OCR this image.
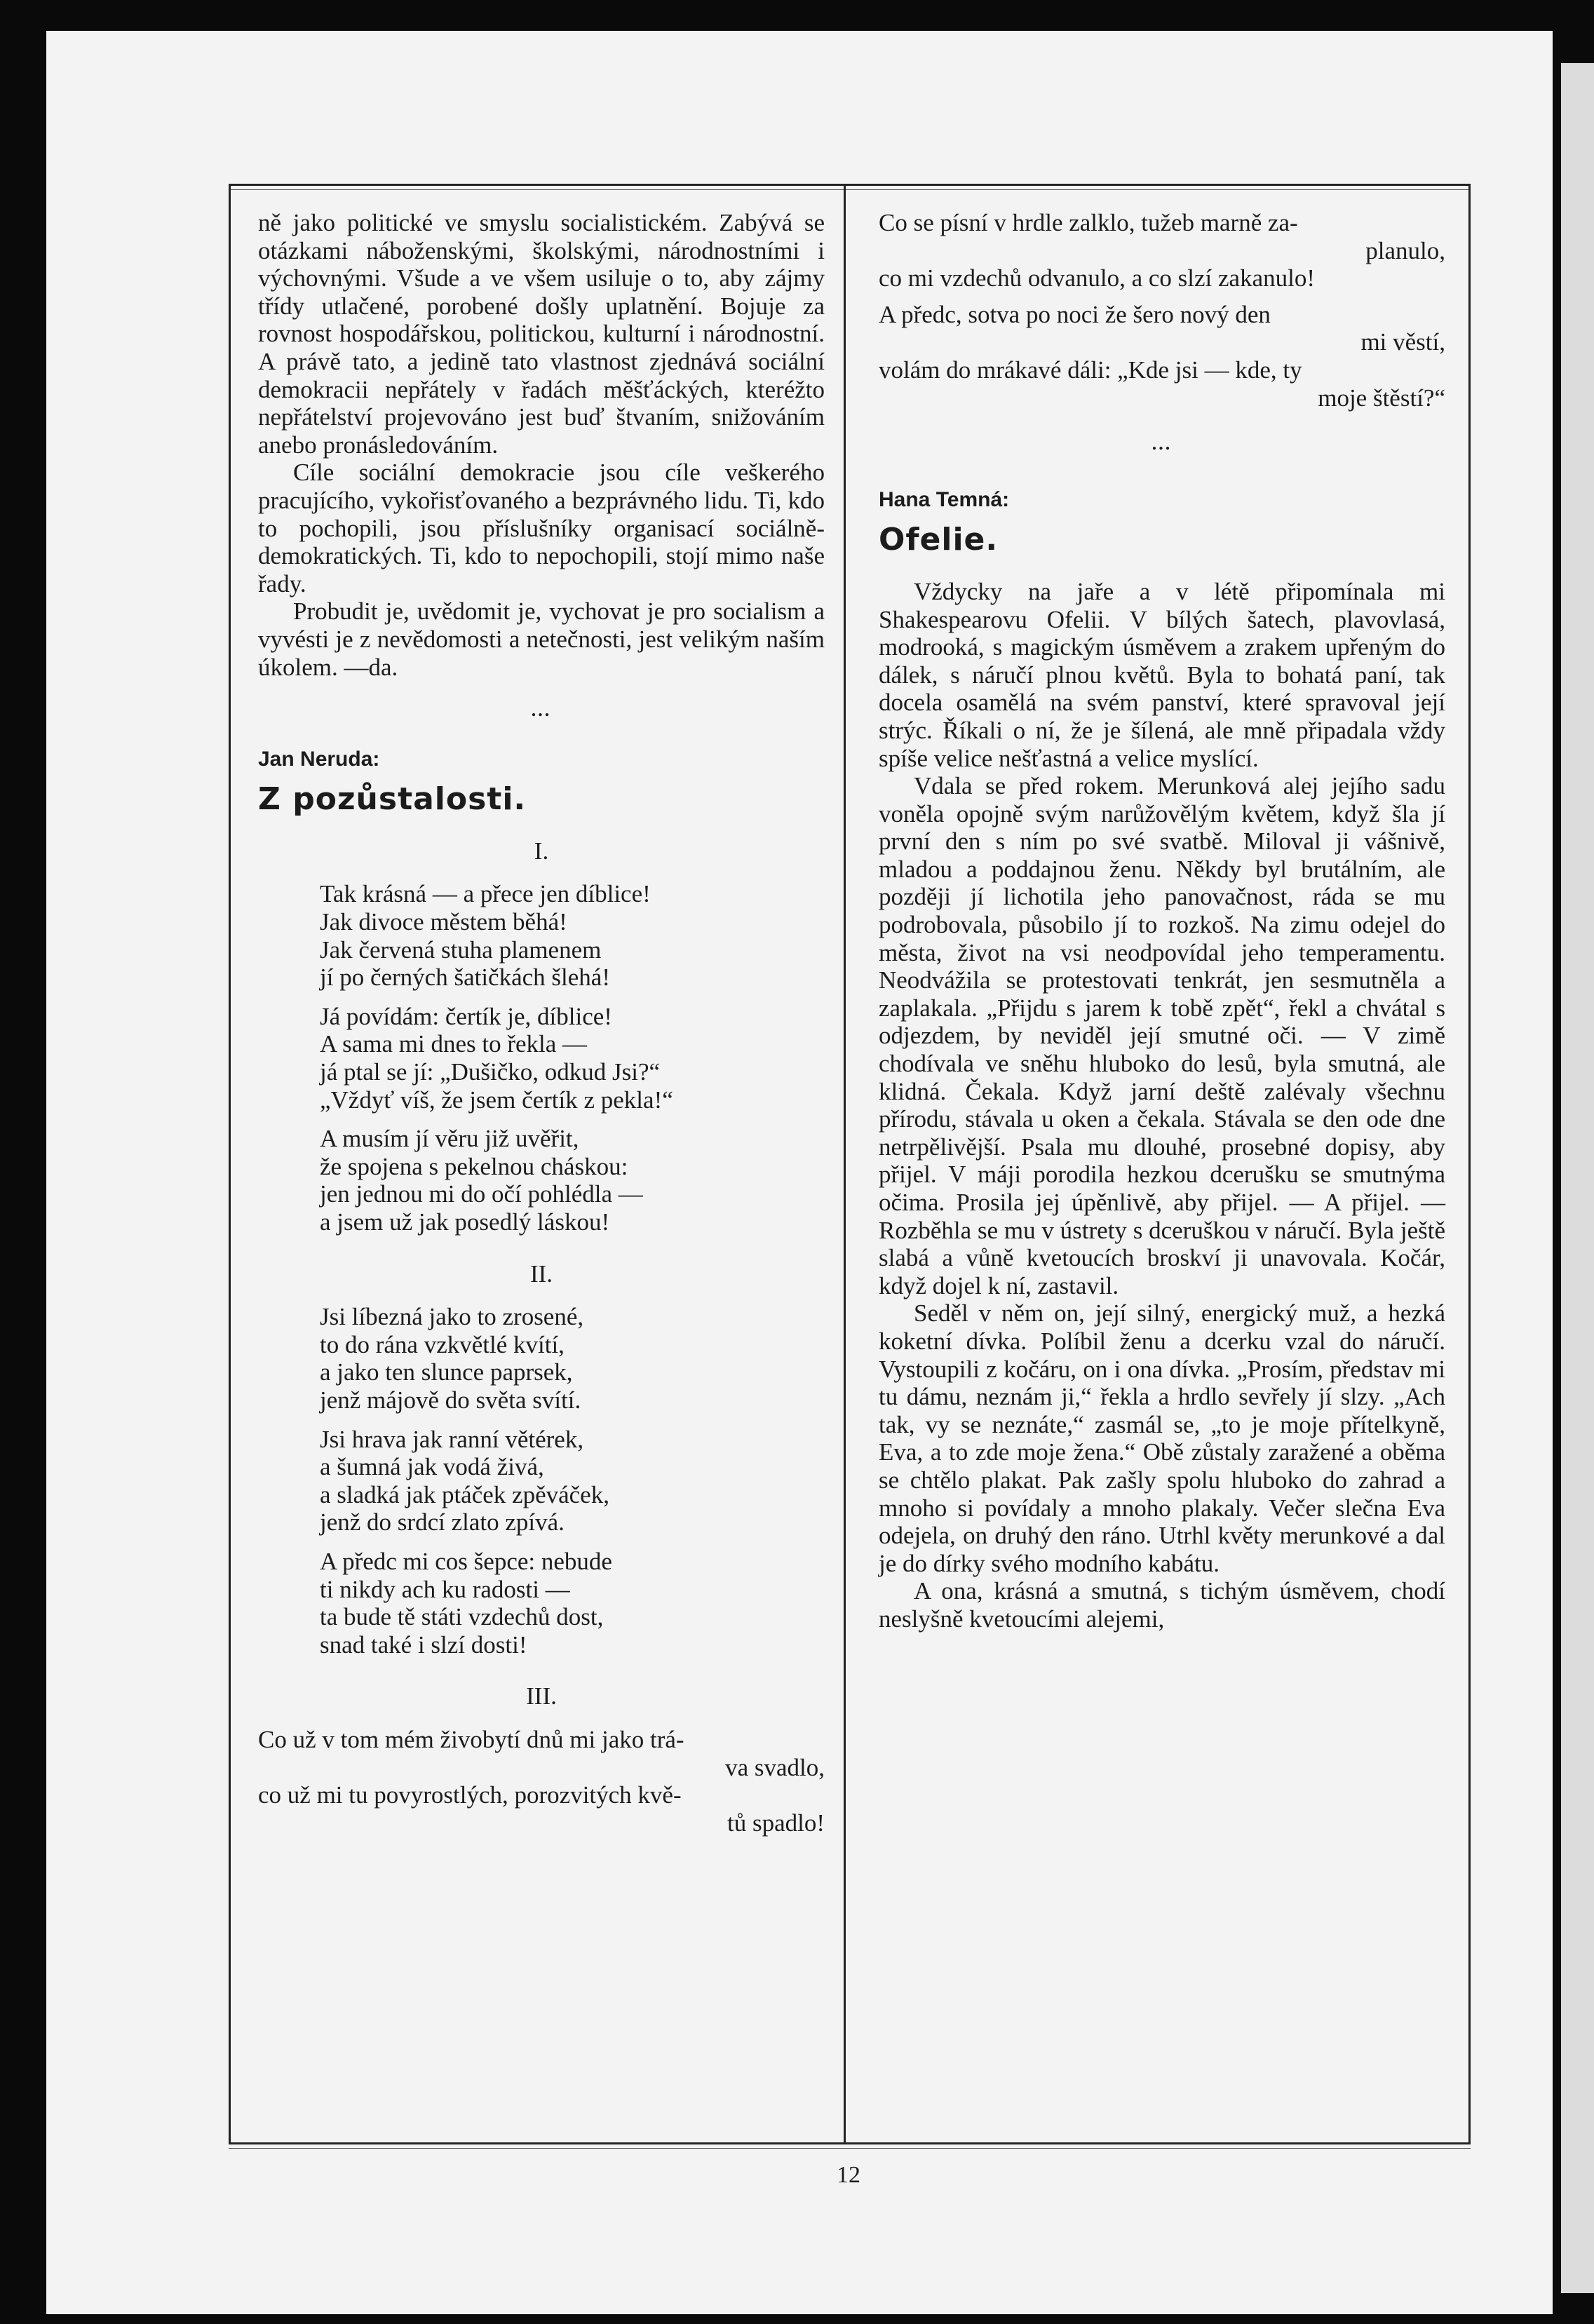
ně jako politické ve smyslu socialistickém. Zabývá se otázkami náboženskými, školskými, národnostními i výchovnými. Všude a ve všem usiluje o to, aby zájmy třídy utlačené, porobené došly uplatnění. Bojuje za rovnost hospodářskou, politickou, kulturní i národnostní. A právě tato, a jedině tato vlastnost zjednává sociální demokracii nepřátely v řadách měšťáckých, kteréžto nepřátelství projevováno jest buď štvaním, snižováním anebo pronásledováním.

Cíle sociální demokracie jsou cíle veškerého pracujícího, vykořisťovaného a bezprávného lidu. Ti, kdo to pochopili, jsou příslušníky organisací sociálně-demokratických. Ti, kdo to nepochopili, stojí mimo naše řady.

Probudit je, uvědomit je, vychovat je pro socialism a vyvésti je z nevědomosti a netečnosti, jest velikým naším úkolem. —da.

...
Jan Neruda:
Z pozůstalosti.
I.
Tak krásná — a přece jen díblice!
Jak divoce městem běhá!
Jak červená stuha plamenem
jí po černých šatičkách šlehá!
Já povídám: čertík je, díblice!
A sama mi dnes to řekla —
já ptal se jí: „Dušičko, odkud Jsi?“
„Vždyť víš, že jsem čertík z pekla!“
A musím jí věru již uvěřit,
že spojena s pekelnou cháskou:
jen jednou mi do očí pohlédla —
a jsem už jak posedlý láskou!
II.
Jsi líbezná jako to zrosené,
to do rána vzkvětlé kvítí,
a jako ten slunce paprsek,
jenž májově do světa svítí.
Jsi hrava jak ranní větérek,
a šumná jak vodá živá,
a sladká jak ptáček zpěváček,
jenž do srdcí zlato zpívá.
A předc mi cos šepce: nebude
ti nikdy ach ku radosti —
ta bude tě státi vzdechů dost,
snad také i slzí dosti!
III.
Co už v tom mém živobytí dnů mi jako trá-
va svadlo,
co už mi tu povyrostlých, porozvitých kvě-
tů spadlo!
Co se písní v hrdle zalklo, tužeb marně za-
planulo,
co mi vzdechů odvanulo, a co slzí zakanulo!
A předc, sotva po noci že šero nový den
mi věstí,
volám do mrákavé dáli: „Kde jsi — kde, ty
moje štěstí?“
...
Hana Temná:
Ofelie.

Vždycky na jaře a v létě připomínala mi Shakespearovu Ofelii. V bílých šatech, plavovlasá, modrooká, s magickým úsměvem a zrakem upřeným do dálek, s náručí plnou květů. Byla to bohatá paní, tak docela osamělá na svém panství, které spravoval její strýc. Říkali o ní, že je šílená, ale mně připadala vždy spíše velice nešťastná a velice myslící.

Vdala se před rokem. Merunková alej jejího sadu voněla opojně svým narůžovělým květem, když šla jí první den s ním po své svatbě. Miloval ji vášnivě, mladou a poddajnou ženu. Někdy byl brutálním, ale později jí lichotila jeho panovačnost, ráda se mu podrobovala, působilo jí to rozkoš. Na zimu odejel do města, život na vsi neodpovídal jeho temperamentu. Neodvážila se protestovati tenkrát, jen sesmutněla a zaplakala. „Přijdu s jarem k tobě zpět“, řekl a chvátal s odjezdem, by neviděl její smutné oči. — V zimě chodívala ve sněhu hluboko do lesů, byla smutná, ale klidná. Čekala. Když jarní deště zalévaly všechnu přírodu, stávala u oken a čekala. Stávala se den ode dne netrpělivější. Psala mu dlouhé, prosebné dopisy, aby přijel. V máji porodila hezkou dcerušku se smutnýma očima. Prosila jej úpěnlivě, aby přijel. — A přijel. — Rozběhla se mu v ústrety s dceruškou v náručí. Byla ještě slabá a vůně kvetoucích broskví ji unavovala. Kočár, když dojel k ní, zastavil.

Seděl v něm on, její silný, energický muž, a hezká koketní dívka. Políbil ženu a dcerku vzal do náručí. Vystoupili z kočáru, on i ona dívka. „Prosím, představ mi tu dámu, neznám ji,“ řekla a hrdlo sevřely jí slzy. „Ach tak, vy se neznáte,“ zasmál se, „to je moje přítelkyně, Eva, a to zde moje žena.“ Obě zůstaly zaražené a oběma se chtělo plakat. Pak zašly spolu hluboko do zahrad a mnoho si povídaly a mnoho plakaly. Večer slečna Eva odejela, on druhý den ráno. Utrhl květy merunkové a dal je do dírky svého modního kabátu.

A ona, krásná a smutná, s tichým úsměvem, chodí neslyšně kvetoucími alejemi,

12
